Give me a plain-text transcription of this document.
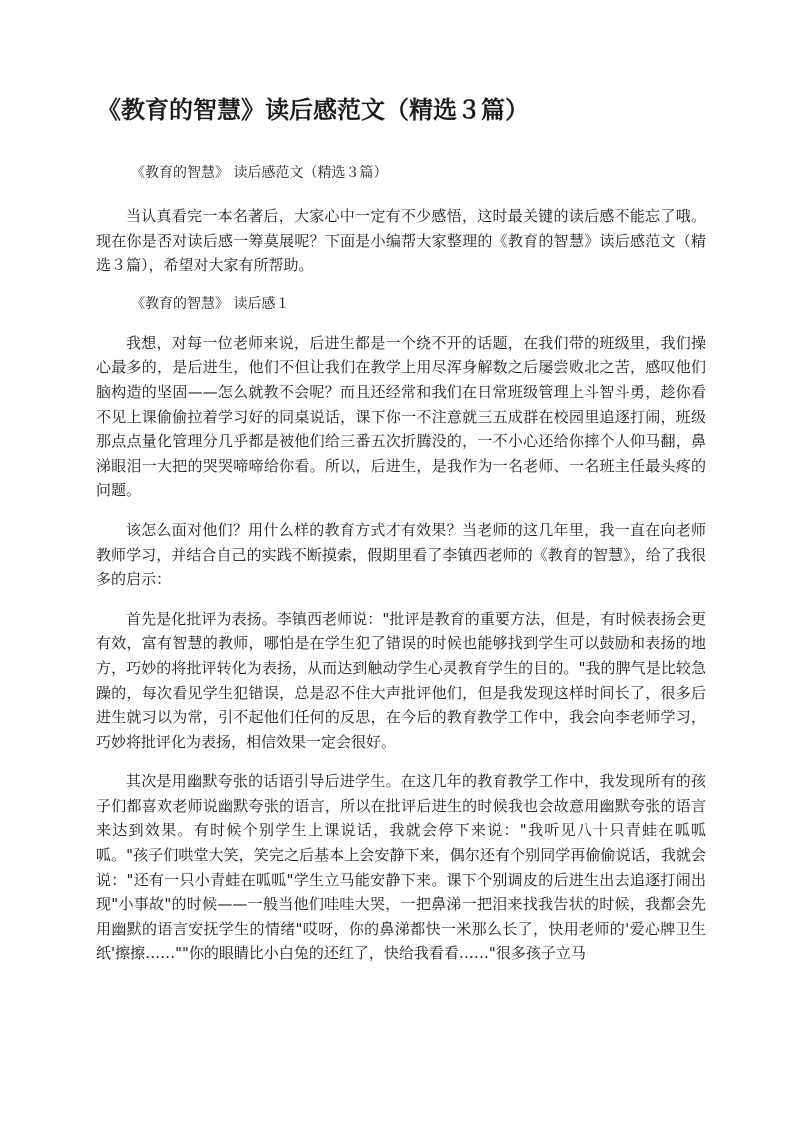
《教育的智慧》读后感范文（精选３篇）

《教育的智慧》 读后感范文（精选３篇）

当认真看完一本名著后，大家心中一定有不少感悟，这时最关键的读后感不能忘了哦。现在你是否对读后感一筹莫展呢？下面是小编帮大家整理的《教育的智慧》读后感范文（精选３篇），希望对大家有所帮助。

《教育的智慧》 读后感１

我想，对每一位老师来说，后进生都是一个绕不开的话题，在我们带的班级里，我们操心最多的，是后进生，他们不但让我们在教学上用尽浑身解数之后屡尝败北之苦，感叹他们脑构造的坚固——怎么就教不会呢？而且还经常和我们在日常班级管理上斗智斗勇，趁你看不见上课偷偷拉着学习好的同桌说话，课下你一不注意就三五成群在校园里追逐打闹，班级那点点量化管理分几乎都是被他们给三番五次折腾没的，一不小心还给你摔个人仰马翻，鼻涕眼泪一大把的哭哭啼啼给你看。所以，后进生，是我作为一名老师、一名班主任最头疼的问题。

该怎么面对他们？用什么样的教育方式才有效果？当老师的这几年里，我一直在向老师教师学习，并结合自己的实践不断摸索，假期里看了李镇西老师的《教育的智慧》，给了我很多的启示：

首先是化批评为表扬。李镇西老师说："批评是教育的重要方法，但是，有时候表扬会更有效，富有智慧的教师，哪怕是在学生犯了错误的时候也能够找到学生可以鼓励和表扬的地方，巧妙的将批评转化为表扬，从而达到触动学生心灵教育学生的目的。"我的脾气是比较急躁的，每次看见学生犯错误，总是忍不住大声批评他们，但是我发现这样时间长了，很多后进生就习以为常，引不起他们任何的反思，在今后的教育教学工作中，我会向李老师学习，巧妙将批评化为表扬，相信效果一定会很好。

其次是用幽默夸张的话语引导后进学生。在这几年的教育教学工作中，我发现所有的孩子们都喜欢老师说幽默夸张的语言，所以在批评后进生的时候我也会故意用幽默夸张的语言来达到效果。有时候个别学生上课说话，我就会停下来说："我听见八十只青蛙在呱呱呱。"孩子们哄堂大笑，笑完之后基本上会安静下来，偶尔还有个别同学再偷偷说话，我就会说："还有一只小青蛙在呱呱"学生立马能安静下来。课下个别调皮的后进生出去追逐打闹出现"小事故"的时候——一般当他们哇哇大哭，一把鼻涕一把泪来找我告状的时候，我都会先用幽默的语言安抚学生的情绪"哎呀，你的鼻涕都快一米那么长了，快用老师的'爱心牌卫生纸'擦擦……""你的眼睛比小白兔的还红了，快给我看看……"很多孩子立马
